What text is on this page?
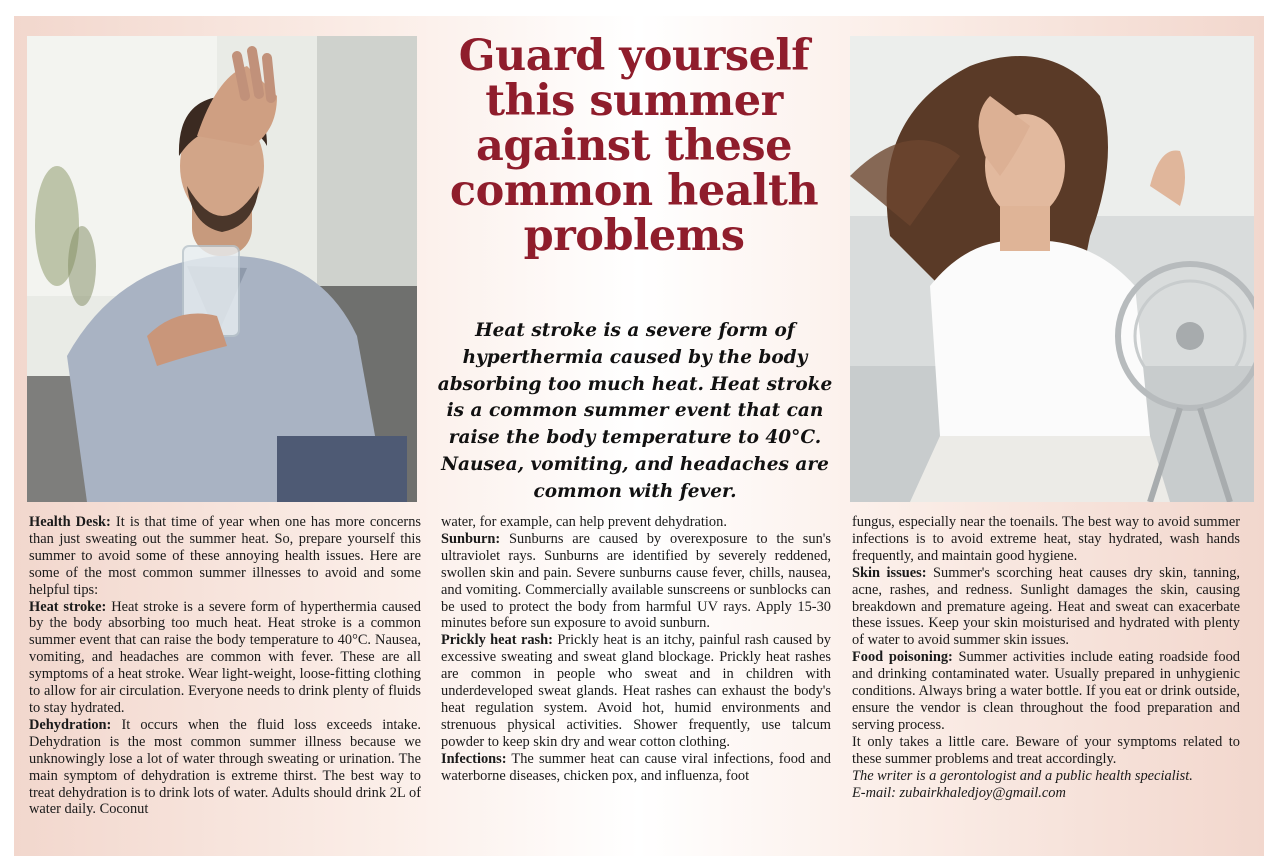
Guard yourself this summer against these common health problems

Heat stroke is a severe form of hyperthermia caused by the body absorbing too much heat. Heat stroke is a common summer event that can raise the body temperature to 40°C. Nausea, vomiting, and headaches are common with fever.

Health Desk: It is that time of year when one has more concerns than just sweating out the summer heat. So, prepare yourself this summer to avoid some of these annoying health issues. Here are some of the most common summer illnesses to avoid and some helpful tips:

Heat stroke: Heat stroke is a severe form of hyperthermia caused by the body absorbing too much heat. Heat stroke is a common summer event that can raise the body temperature to 40°C. Nausea, vomiting, and headaches are common with fever. These are all symptoms of a heat stroke. Wear light-weight, loose-fitting clothing to allow for air circulation. Everyone needs to drink plenty of fluids to stay hydrated.

Dehydration: It occurs when the fluid loss exceeds intake. Dehydration is the most common summer illness because we unknowingly lose a lot of water through sweating or urination. The main symptom of dehydration is extreme thirst. The best way to treat dehydration is to drink lots of water. Adults should drink 2L of water daily. Coconut

water, for example, can help prevent dehydration.

Sunburn: Sunburns are caused by overexposure to the sun's ultraviolet rays. Sunburns are identified by severely reddened, swollen skin and pain. Severe sunburns cause fever, chills, nausea, and vomiting. Commercially available sunscreens or sunblocks can be used to protect the body from harmful UV rays. Apply 15-30 minutes before sun exposure to avoid sunburn.

Prickly heat rash: Prickly heat is an itchy, painful rash caused by excessive sweating and sweat gland blockage. Prickly heat rashes are common in people who sweat and in children with underdeveloped sweat glands. Heat rashes can exhaust the body's heat regulation system. Avoid hot, humid environments and strenuous physical activities. Shower frequently, use talcum powder to keep skin dry and wear cotton clothing.

Infections: The summer heat can cause viral infections, food and waterborne diseases, chicken pox, and influenza, foot

fungus, especially near the toenails. The best way to avoid summer infections is to avoid extreme heat, stay hydrated, wash hands frequently, and maintain good hygiene.

Skin issues: Summer's scorching heat causes dry skin, tanning, acne, rashes, and redness. Sunlight damages the skin, causing breakdown and premature ageing. Heat and sweat can exacerbate these issues. Keep your skin moisturised and hydrated with plenty of water to avoid summer skin issues.

Food poisoning: Summer activities include eating roadside food and drinking contaminated water. Usually prepared in unhygienic conditions. Always bring a water bottle. If you eat or drink outside, ensure the vendor is clean throughout the food preparation and serving process.

It only takes a little care. Beware of your symptoms related to these summer problems and treat accordingly.

The writer is a gerontologist and a public health specialist.

E-mail: zubairkhaledjoy@gmail.com
